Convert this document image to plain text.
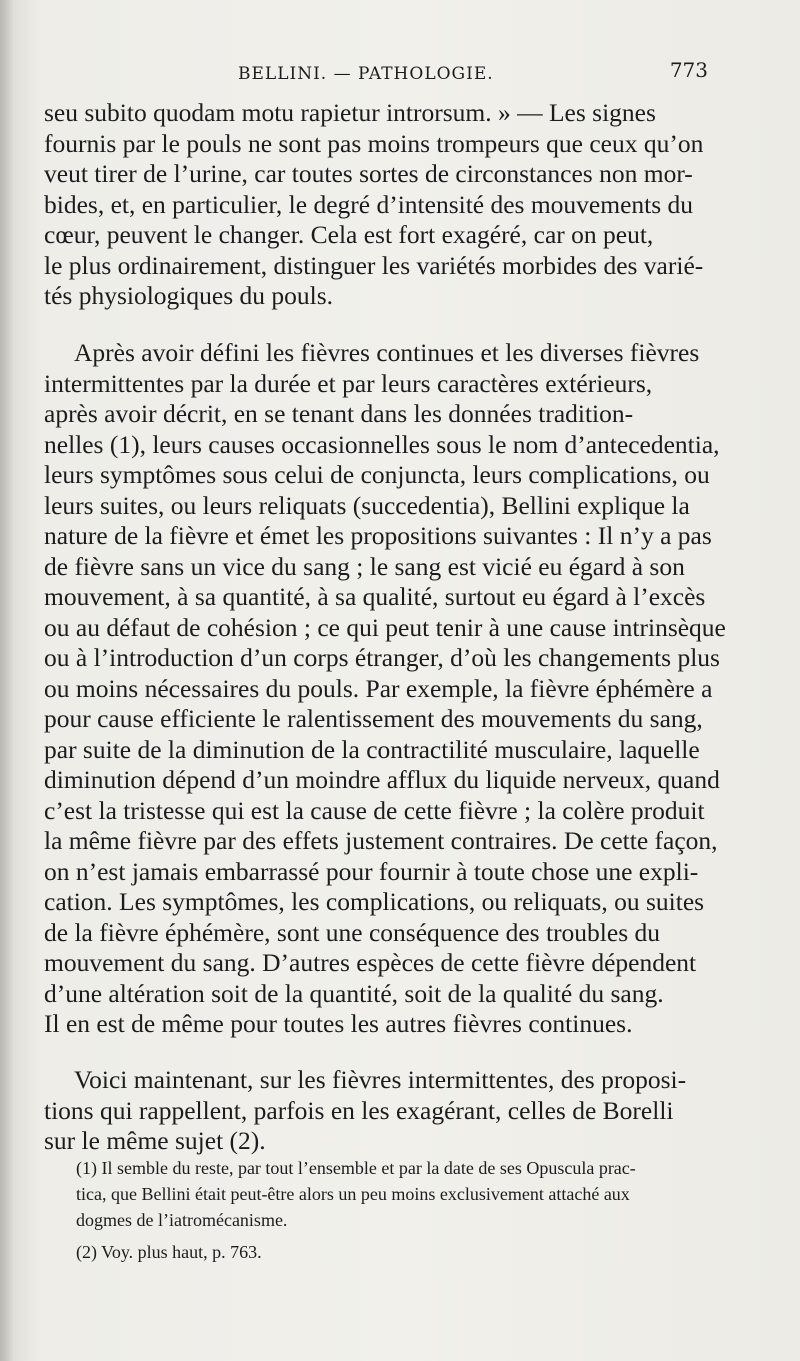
BELLINI. — PATHOLOGIE.	773
seu subito quodam motu rapietur introrsum. » — Les signes
fournis par le pouls ne sont pas moins trompeurs que ceux qu’on
veut tirer de l’urine, car toutes sortes de circonstances non mor-
bides, et, en particulier, le degré d’intensité des mouvements du
cœur, peuvent le changer. Cela est fort exagéré, car on peut,
le plus ordinairement, distinguer les variétés morbides des varié-
tés physiologiques du pouls.
Après avoir défini les fièvres continues et les diverses fièvres
intermittentes par la durée et par leurs caractères extérieurs,
après avoir décrit, en se tenant dans les données tradition-
nelles (1), leurs causes occasionnelles sous le nom d’antecedentia,
leurs symptômes sous celui de conjuncta, leurs complications, ou
leurs suites, ou leurs reliquats (succedentia), Bellini explique la
nature de la fièvre et émet les propositions suivantes : Il n’y a pas
de fièvre sans un vice du sang ; le sang est vicié eu égard à son
mouvement, à sa quantité, à sa qualité, surtout eu égard à l’excès
ou au défaut de cohésion ; ce qui peut tenir à une cause intrinsèque
ou à l’introduction d’un corps étranger, d’où les changements plus
ou moins nécessaires du pouls. Par exemple, la fièvre éphémère a
pour cause efficiente le ralentissement des mouvements du sang,
par suite de la diminution de la contractilité musculaire, laquelle
diminution dépend d’un moindre afflux du liquide nerveux, quand
c’est la tristesse qui est la cause de cette fièvre ; la colère produit
la même fièvre par des effets justement contraires. De cette façon,
on n’est jamais embarrassé pour fournir à toute chose une expli-
cation. Les symptômes, les complications, ou reliquats, ou suites
de la fièvre éphémère, sont une conséquence des troubles du
mouvement du sang. D’autres espèces de cette fièvre dépendent
d’une altération soit de la quantité, soit de la qualité du sang.
Il en est de même pour toutes les autres fièvres continues.
Voici maintenant, sur les fièvres intermittentes, des proposi-
tions qui rappellent, parfois en les exagérant, celles de Borelli
sur le même sujet (2).
(1) Il semble du reste, par tout l’ensemble et par la date de ses Opuscula prac-
tica, que Bellini était peut-être alors un peu moins exclusivement attaché aux
dogmes de l’iatromécanisme.
(2) Voy. plus haut, p. 763.
